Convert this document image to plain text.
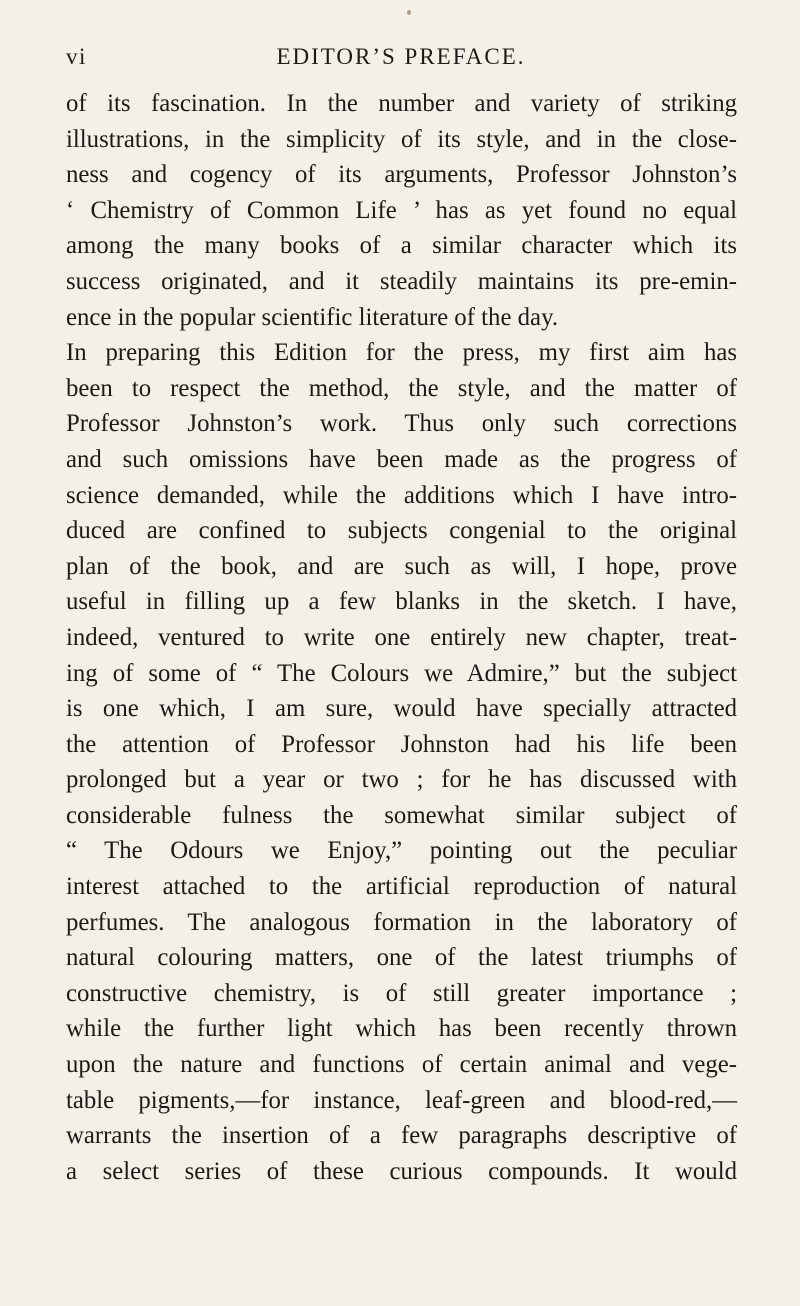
vi	EDITOR’S PREFACE.
of its fascination. In the number and variety of striking
illustrations, in the simplicity of its style, and in the close-
ness and cogency of its arguments, Professor Johnston’s
‘ Chemistry of Common Life ’ has as yet found no equal
among the many books of a similar character which its
success originated, and it steadily maintains its pre-emin-
ence in the popular scientific literature of the day.
In preparing this Edition for the press, my first aim has
been to respect the method, the style, and the matter of
Professor Johnston’s work. Thus only such corrections
and such omissions have been made as the progress of
science demanded, while the additions which I have intro-
duced are confined to subjects congenial to the original
plan of the book, and are such as will, I hope, prove
useful in filling up a few blanks in the sketch. I have,
indeed, ventured to write one entirely new chapter, treat-
ing of some of “ The Colours we Admire,” but the subject
is one which, I am sure, would have specially attracted
the attention of Professor Johnston had his life been
prolonged but a year or two ; for he has discussed with
considerable fulness the somewhat similar subject of
“ The Odours we Enjoy,” pointing out the peculiar
interest attached to the artificial reproduction of natural
perfumes. The analogous formation in the laboratory of
natural colouring matters, one of the latest triumphs of
constructive chemistry, is of still greater importance ;
while the further light which has been recently thrown
upon the nature and functions of certain animal and vege-
table pigments,—for instance, leaf-green and blood-red,—
warrants the insertion of a few paragraphs descriptive of
a select series of these curious compounds. It would
